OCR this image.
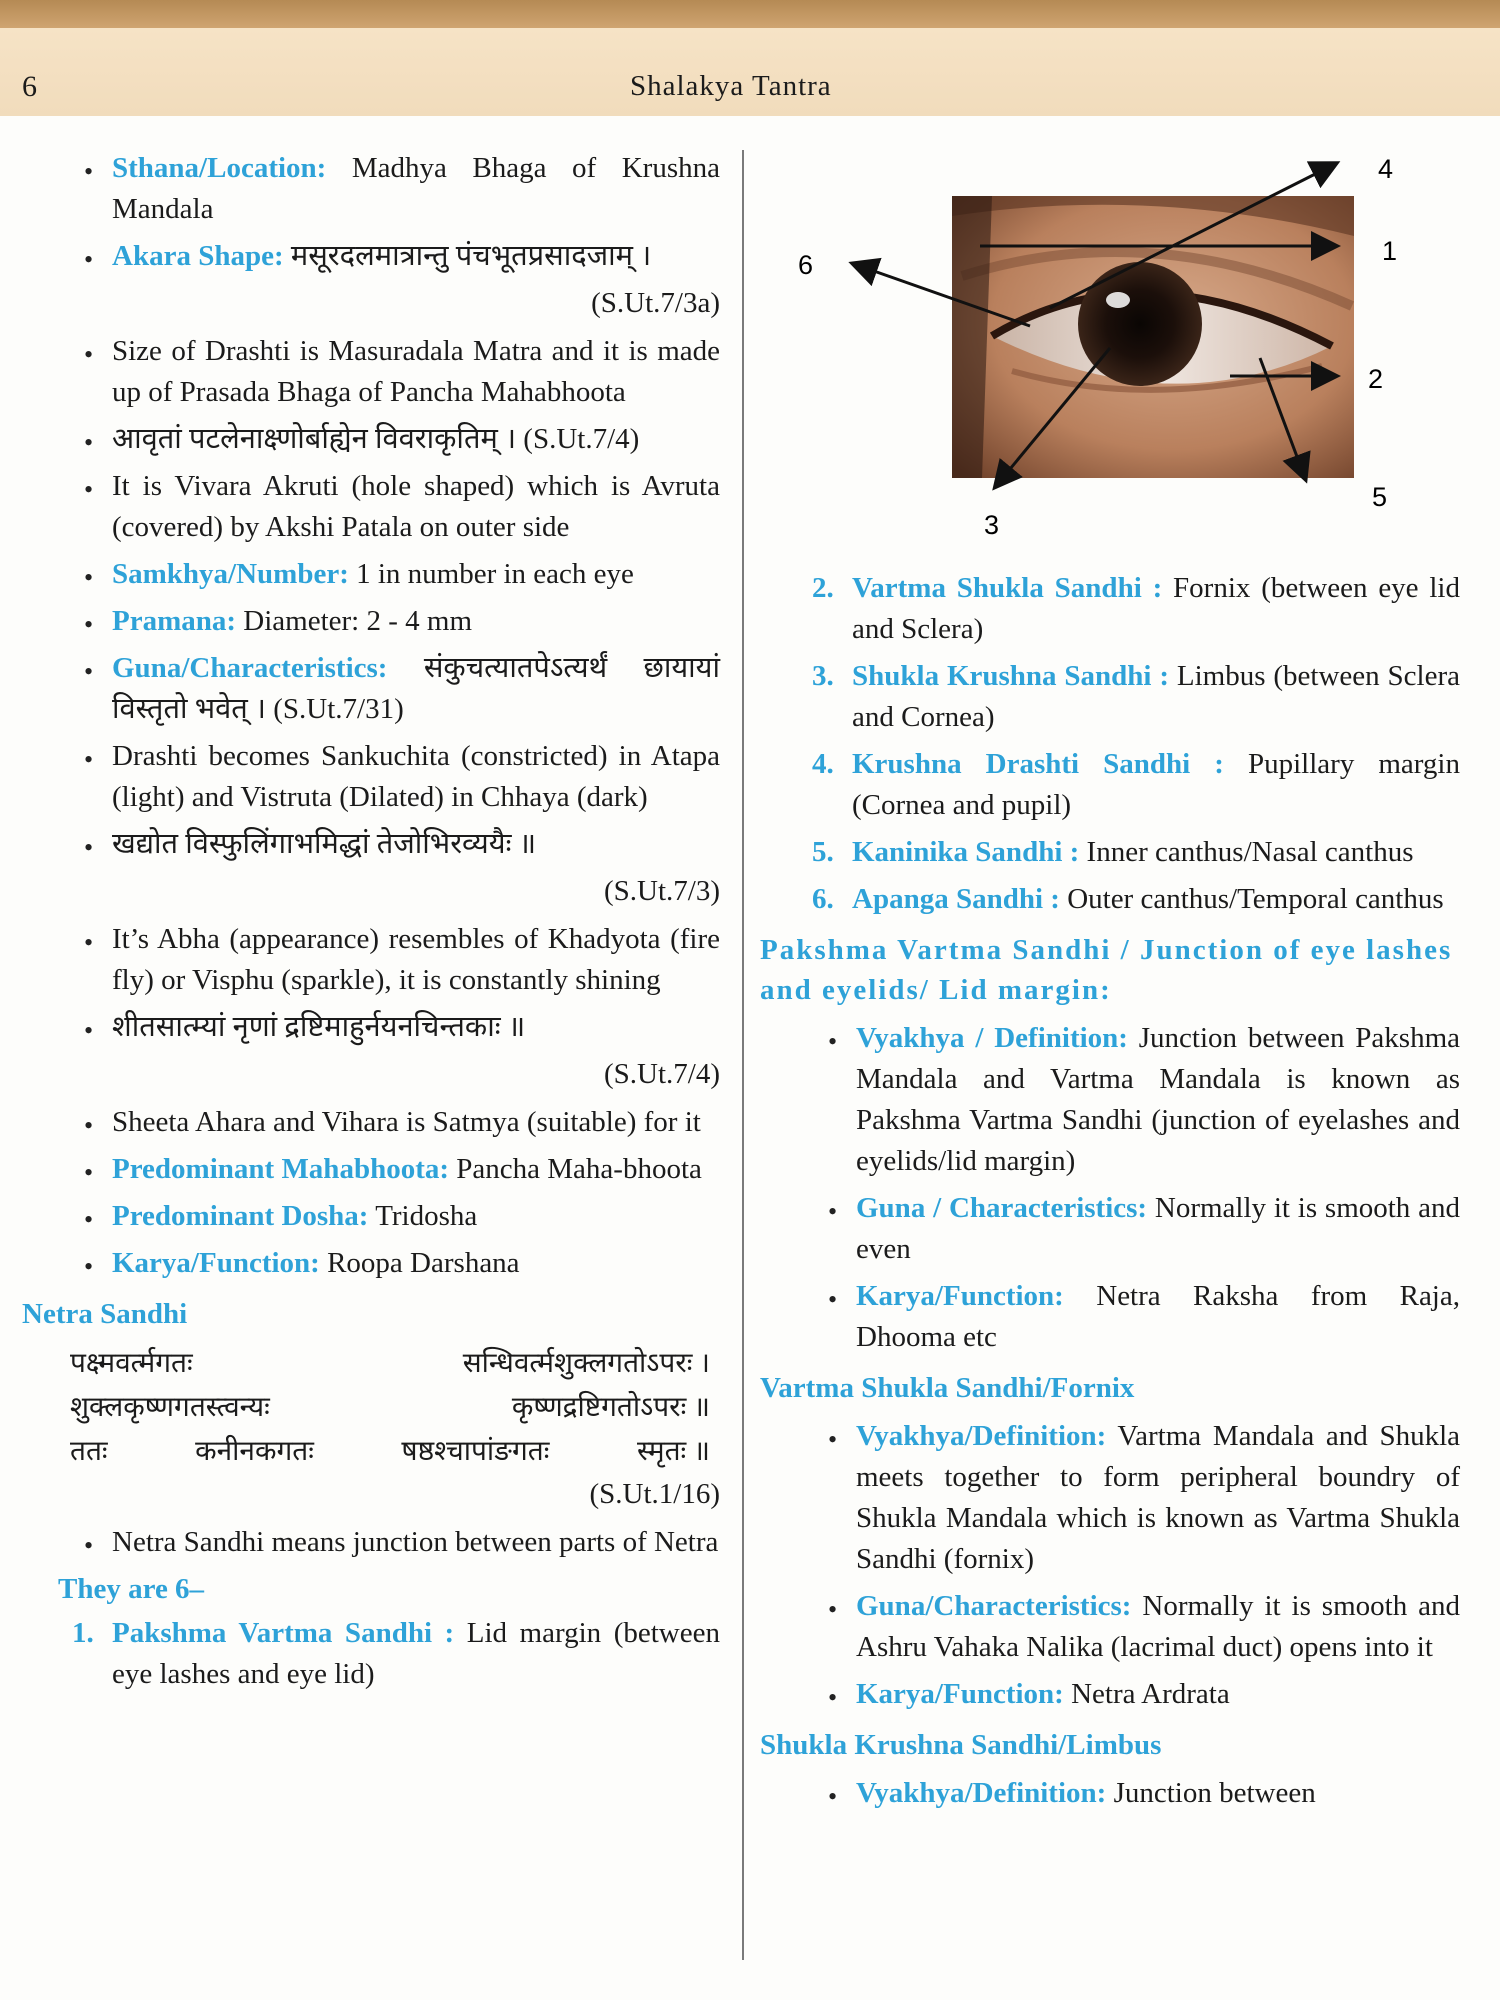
6	Shalakya Tantra
• Sthana/Location: Madhya Bhaga of Krushna Mandala
• Akara Shape: मसूरदलमात्रान्तु पंचभूतप्रसादजाम् ।
(S.Ut.7/3a)
• Size of Drashti is Masuradala Matra and it is made up of Prasada Bhaga of Pancha Mahabhoota
• आवृतां पटलेनाक्ष्णोर्बाह्येन विवराकृतिम् । (S.Ut.7/4)
• It is Vivara Akruti (hole shaped) which is Avruta (covered) by Akshi Patala on outer side
• Samkhya/Number: 1 in number in each eye
• Pramana: Diameter: 2 - 4 mm
• Guna/Characteristics: संकुचत्यातपेऽत्यर्थं छायायां विस्तृतो भवेत् । (S.Ut.7/31)
• Drashti becomes Sankuchita (constricted) in Atapa (light) and Vistruta (Dilated) in Chhaya (dark)
• खद्योत विस्फुलिंगाभमिद्धां तेजोभिरव्ययैः ॥
(S.Ut.7/3)
• It’s Abha (appearance) resembles of Khadyota (fire fly) or Visphu (sparkle), it is constantly shining
• शीतसात्म्यां नृणां द्रष्टिमाहुर्नयनचिन्तकाः ॥
(S.Ut.7/4)
• Sheeta Ahara and Vihara is Satmya (suitable) for it
• Predominant Mahabhoota: Pancha Maha-bhoota
• Predominant Dosha: Tridosha
• Karya/Function: Roopa Darshana
Netra Sandhi
पक्ष्मवर्त्मगतः	सन्धिवर्त्मशुक्लगतोऽपरः ।
शुक्लकृष्णगतस्त्वन्यः	कृष्णद्रष्टिगतोऽपरः ॥
ततः	कनीनकगतः	षष्ठश्चापांङगतः	स्मृतः ॥
(S.Ut.1/16)
• Netra Sandhi means junction between parts of Netra
They are 6–
1. Pakshma Vartma Sandhi : Lid margin (between eye lashes and eye lid)
1
2
3
4
5
6
2. Vartma Shukla Sandhi : Fornix (between eye lid and Sclera)
3. Shukla Krushna Sandhi : Limbus (between Sclera and Cornea)
4. Krushna Drashti Sandhi : Pupillary margin (Cornea and pupil)
5. Kaninika Sandhi : Inner canthus/Nasal canthus
6. Apanga Sandhi : Outer canthus/Temporal canthus
Pakshma Vartma Sandhi / Junction of eye lashes and eyelids/ Lid margin:
• Vyakhya / Definition: Junction between Pakshma Mandala and Vartma Mandala is known as Pakshma Vartma Sandhi (junction of eyelashes and eyelids/lid margin)
• Guna / Characteristics: Normally it is smooth and even
• Karya/Function: Netra Raksha from Raja, Dhooma etc
Vartma Shukla Sandhi/Fornix
• Vyakhya/Definition: Vartma Mandala and Shukla meets together to form peripheral boundry of Shukla Mandala which is known as Vartma Shukla Sandhi (fornix)
• Guna/Characteristics: Normally it is smooth and Ashru Vahaka Nalika (lacrimal duct) opens into it
• Karya/Function: Netra Ardrata
Shukla Krushna Sandhi/Limbus
• Vyakhya/Definition: Junction between
